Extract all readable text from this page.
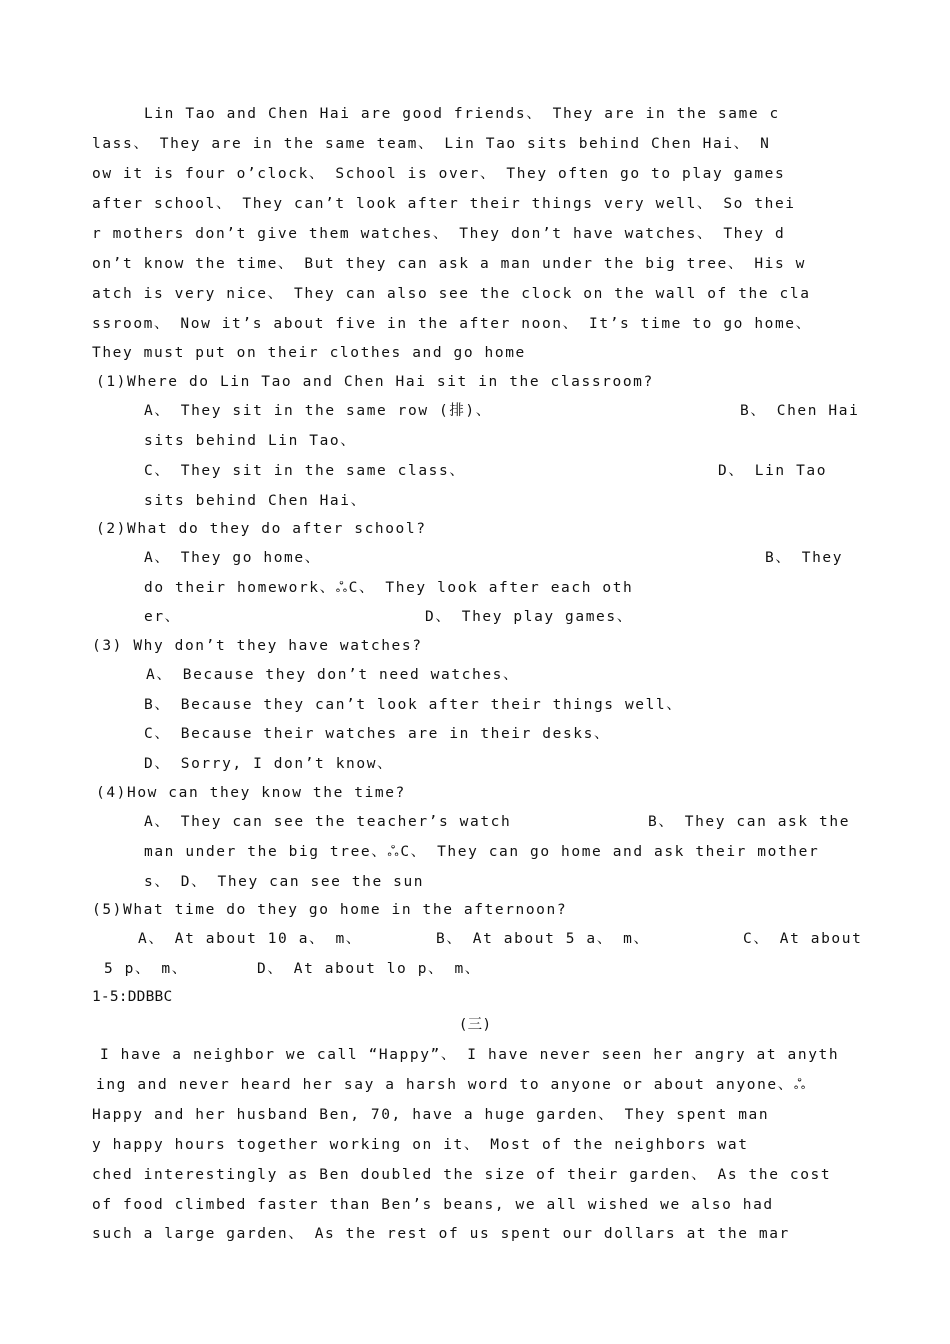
Lin Tao and Chen Hai are good friends、 They are in the same c
lass、 They are in the same team、 Lin Tao sits behind Chen Hai、 N
ow it is four o’clock、 School is over、 They often go to play games
after school、 They can’t look after their things very well、 So thei
r mothers don’t give them watches、 They don’t have watches、 They d
on’t know the time、 But they can ask a man under the big tree、 His w
atch is very nice、 They can also see the clock on the wall of the cla
ssroom、 Now it’s about five in the after noon、 It’s time to go home、
They must put on their clothes and go home
(1)Where do Lin Tao and Chen Hai sit in the classroom?
A、 They sit in the same row (排)、	B、 Chen Hai
sits behind Lin Tao、
C、 They sit in the same class、	D、 Lin Tao
sits behind Chen Hai、
(2)What do they do after school?
A、 They go home、	B、 They
do their homework、ஃC、 They look after each oth
er、	D、 They play games、
(3) Why don’t they have watches?
A、 Because they don’t need watches、
B、 Because they can’t look after their things well、
C、 Because their watches are in their desks、
D、 Sorry, I don’t know、
(4)How can they know the time?
A、 They can see the teacher’s watch	B、 They can ask the
man under the big tree、ஃC、 They can go home and ask their mother
s、 D、 They can see the sun
(5)What time do they go home in the afternoon?
A、 At about 10 a、 m、	B、 At about 5 a、 m、	C、 At about
5 p、 m、	D、 At about lo p、 m、
1-5:DDBBC
(三)
I have a neighbor we call “Happy”、 I have never seen her angry at anyth
ing and never heard her say a harsh word to anyone or about anyone、ஃ
Happy and her husband Ben, 70, have a huge garden、 They spent man
y happy hours together working on it、 Most of the neighbors wat
ched interestingly as Ben doubled the size of their garden、 As the cost
of food climbed faster than Ben’s beans, we all wished we also had
such a large garden、 As the rest of us spent our dollars at the mar
